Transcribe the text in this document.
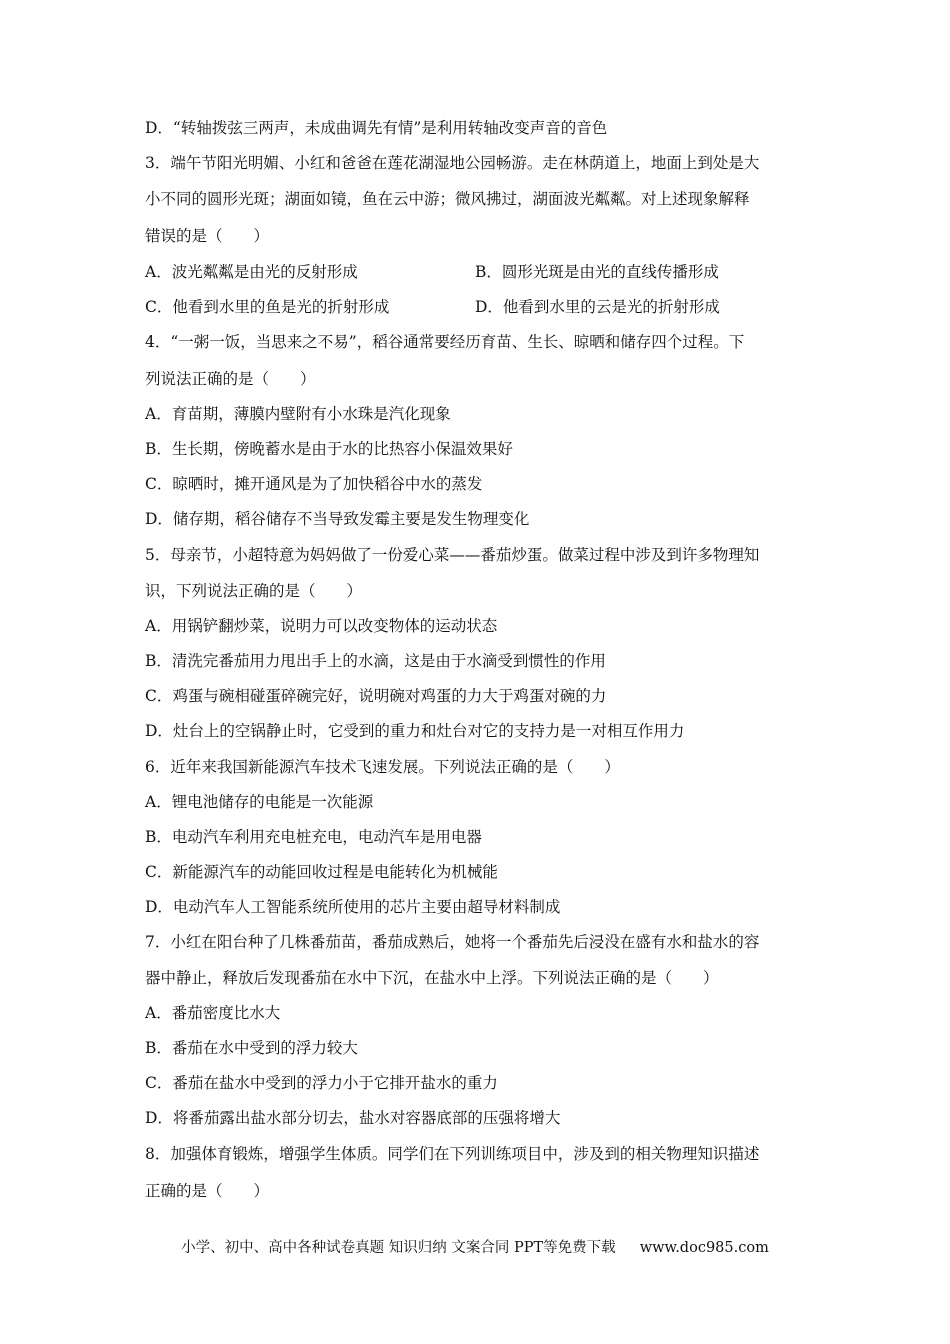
D．“转轴拨弦三两声，未成曲调先有情”是利用转轴改变声音的音色
3．端午节阳光明媚、小红和爸爸在莲花湖湿地公园畅游。走在林荫道上，地面上到处是大
小不同的圆形光斑；湖面如镜，鱼在云中游；微风拂过，湖面波光粼粼。对上述现象解释
错误的是（　　）
A．波光粼粼是由光的反射形成	B．圆形光斑是由光的直线传播形成
C．他看到水里的鱼是光的折射形成	D．他看到水里的云是光的折射形成
4．“一粥一饭，当思来之不易”，稻谷通常要经历育苗、生长、晾晒和储存四个过程。下
列说法正确的是（　　）
A．育苗期，薄膜内壁附有小水珠是汽化现象
B．生长期，傍晚蓄水是由于水的比热容小保温效果好
C．晾晒时，摊开通风是为了加快稻谷中水的蒸发
D．储存期，稻谷储存不当导致发霉主要是发生物理变化
5．母亲节，小超特意为妈妈做了一份爱心菜——番茄炒蛋。做菜过程中涉及到许多物理知
识，下列说法正确的是（　　）
A．用锅铲翻炒菜，说明力可以改变物体的运动状态
B．清洗完番茄用力甩出手上的水滴，这是由于水滴受到惯性的作用
C．鸡蛋与碗相碰蛋碎碗完好，说明碗对鸡蛋的力大于鸡蛋对碗的力
D．灶台上的空锅静止时，它受到的重力和灶台对它的支持力是一对相互作用力
6．近年来我国新能源汽车技术飞速发展。下列说法正确的是（　　）
A．锂电池储存的电能是一次能源
B．电动汽车利用充电桩充电，电动汽车是用电器
C．新能源汽车的动能回收过程是电能转化为机械能
D．电动汽车人工智能系统所使用的芯片主要由超导材料制成
7．小红在阳台种了几株番茄苗，番茄成熟后，她将一个番茄先后浸没在盛有水和盐水的容
器中静止，释放后发现番茄在水中下沉，在盐水中上浮。下列说法正确的是（　　）
A．番茄密度比水大
B．番茄在水中受到的浮力较大
C．番茄在盐水中受到的浮力小于它排开盐水的重力
D．将番茄露出盐水部分切去，盐水对容器底部的压强将增大
8．加强体育锻炼，增强学生体质。同学们在下列训练项目中，涉及到的相关物理知识描述
正确的是（　　）
小学、初中、高中各种试卷真题 知识归纳 文案合同 PPT等免费下载 www.doc985.com
